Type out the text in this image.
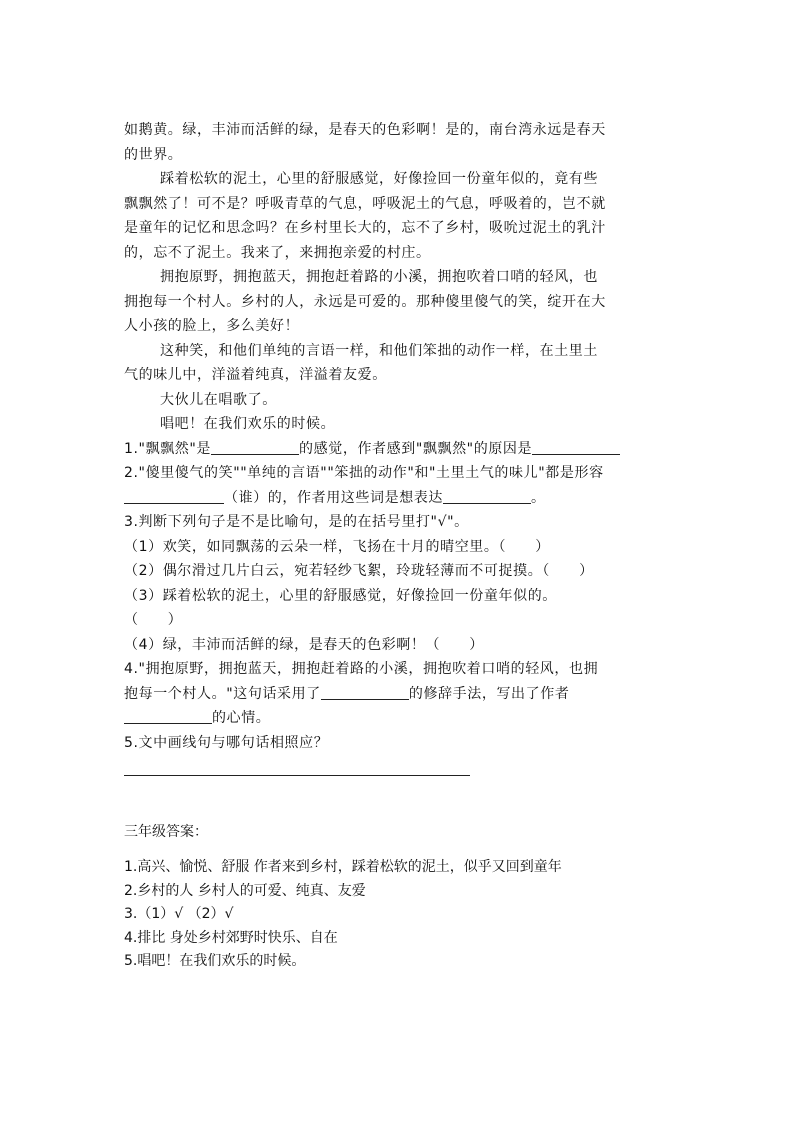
如鹅黄。绿，丰沛而活鲜的绿，是春天的色彩啊！是的，南台湾永远是春天
的世界。
踩着松软的泥土，心里的舒服感觉，好像捡回一份童年似的，竟有些
飘飘然了！可不是？呼吸青草的气息，呼吸泥土的气息，呼吸着的，岂不就
是童年的记忆和思念吗？在乡村里长大的，忘不了乡村，吸吮过泥土的乳汁
的，忘不了泥土。我来了，来拥抱亲爱的村庄。
拥抱原野，拥抱蓝天，拥抱赶着路的小溪，拥抱吹着口哨的轻风，也
拥抱每一个村人。乡村的人，永远是可爱的。那种傻里傻气的笑，绽开在大
人小孩的脸上，多么美好！
这种笑，和他们单纯的言语一样，和他们笨拙的动作一样，在土里土
气的味儿中，洋溢着纯真，洋溢着友爱。
大伙儿在唱歌了。
唱吧！在我们欢乐的时候。
1."飘飘然"是	的感觉，作者感到"飘飘然"的原因是
2."傻里傻气的笑""单纯的言语""笨拙的动作"和"土里土气的味儿"都是形容
（谁）的，作者用这些词是想表达	。
3.判断下列句子是不是比喻句，是的在括号里打"√"。
（1）欢笑，如同飘荡的云朵一样，飞扬在十月的晴空里。（　　）
（2）偶尔滑过几片白云，宛若轻纱飞絮，玲珑轻薄而不可捉摸。（　　）
（3）踩着松软的泥土，心里的舒服感觉，好像捡回一份童年似的。
（　　）
（4）绿，丰沛而活鲜的绿，是春天的色彩啊！（　　）
4."拥抱原野，拥抱蓝天，拥抱赶着路的小溪，拥抱吹着口哨的轻风，也拥
抱每一个村人。"这句话采用了	的修辞手法，写出了作者
的心情。
5.文中画线句与哪句话相照应？
三年级答案：
1.高兴、愉悦、舒服 作者来到乡村，踩着松软的泥土，似乎又回到童年
2.乡村的人 乡村人的可爱、纯真、友爱
3.（1）√ （2）√
4.排比 身处乡村郊野时快乐、自在
5.唱吧！在我们欢乐的时候。
